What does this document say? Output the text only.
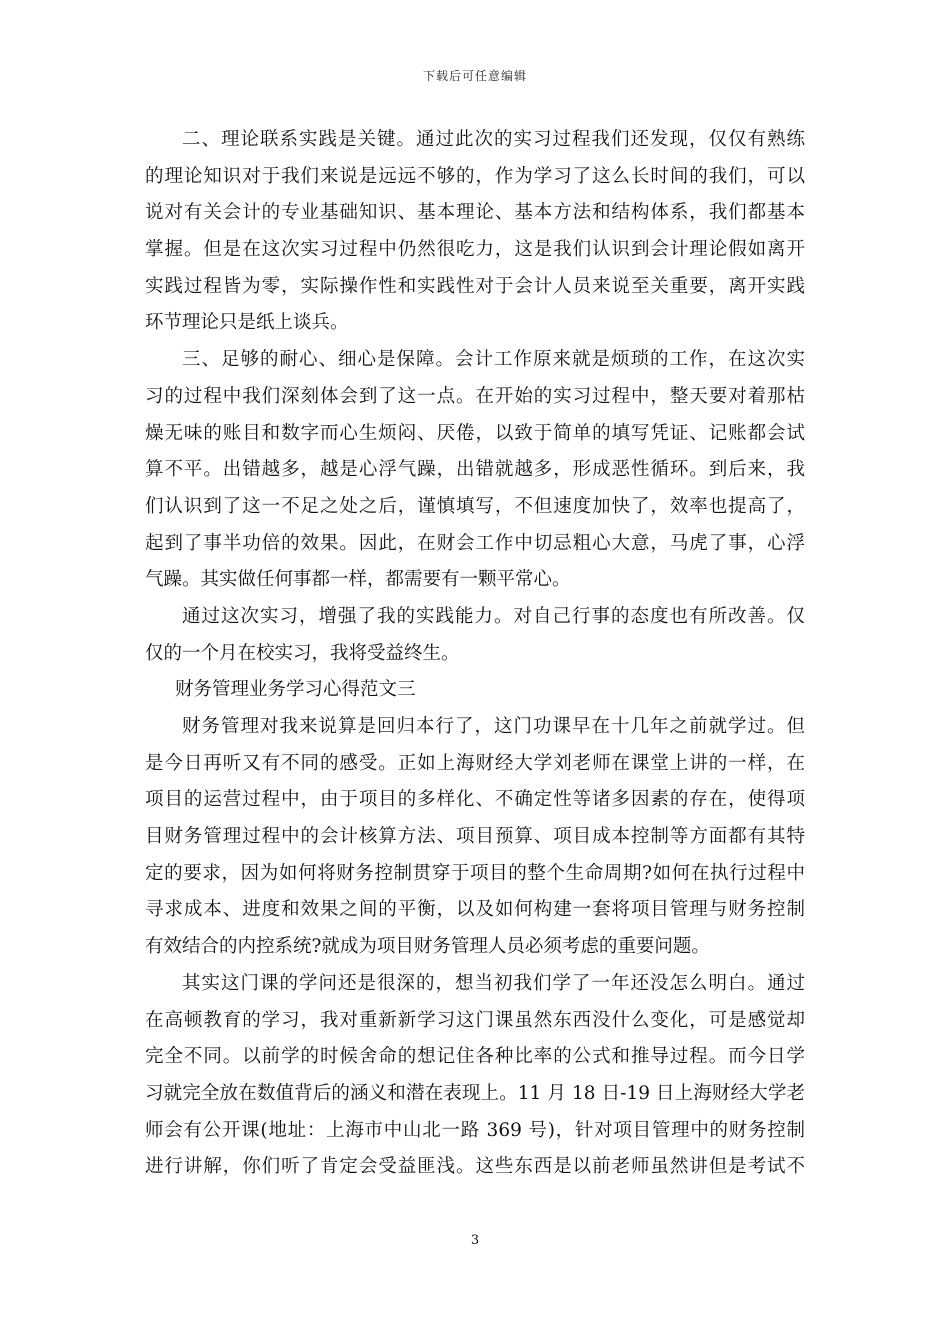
下载后可任意编辑
二、理论联系实践是关键。通过此次的实习过程我们还发现，仅仅有熟练
的理论知识对于我们来说是远远不够的，作为学习了这么长时间的我们，可以
说对有关会计的专业基础知识、基本理论、基本方法和结构体系，我们都基本
掌握。但是在这次实习过程中仍然很吃力，这是我们认识到会计理论假如离开
实践过程皆为零，实际操作性和实践性对于会计人员来说至关重要，离开实践
环节理论只是纸上谈兵。
三、足够的耐心、细心是保障。会计工作原来就是烦琐的工作，在这次实
习的过程中我们深刻体会到了这一点。在开始的实习过程中，整天要对着那枯
燥无味的账目和数字而心生烦闷、厌倦，以致于简单的填写凭证、记账都会试
算不平。出错越多，越是心浮气躁，出错就越多，形成恶性循环。到后来，我
们认识到了这一不足之处之后，谨慎填写，不但速度加快了，效率也提高了，
起到了事半功倍的效果。因此，在财会工作中切忌粗心大意，马虎了事，心浮
气躁。其实做任何事都一样，都需要有一颗平常心。
通过这次实习，增强了我的实践能力。对自己行事的态度也有所改善。仅
仅的一个月在校实习，我将受益终生。
财务管理业务学习心得范文三
财务管理对我来说算是回归本行了，这门功课早在十几年之前就学过。但
是今日再听又有不同的感受。正如上海财经大学刘老师在课堂上讲的一样，在
项目的运营过程中，由于项目的多样化、不确定性等诸多因素的存在，使得项
目财务管理过程中的会计核算方法、项目预算、项目成本控制等方面都有其特
定的要求，因为如何将财务控制贯穿于项目的整个生命周期?如何在执行过程中
寻求成本、进度和效果之间的平衡，以及如何构建一套将项目管理与财务控制
有效结合的内控系统?就成为项目财务管理人员必须考虑的重要问题。
其实这门课的学问还是很深的，想当初我们学了一年还没怎么明白。通过
在高顿教育的学习，我对重新新学习这门课虽然东西没什么变化，可是感觉却
完全不同。以前学的时候舍命的想记住各种比率的公式和推导过程。而今日学
习就完全放在数值背后的涵义和潜在表现上。11 月 18 日-19 日上海财经大学老
师会有公开课(地址：上海市中山北一路 369 号)，针对项目管理中的财务控制
进行讲解，你们听了肯定会受益匪浅。这些东西是以前老师虽然讲但是考试不
3
